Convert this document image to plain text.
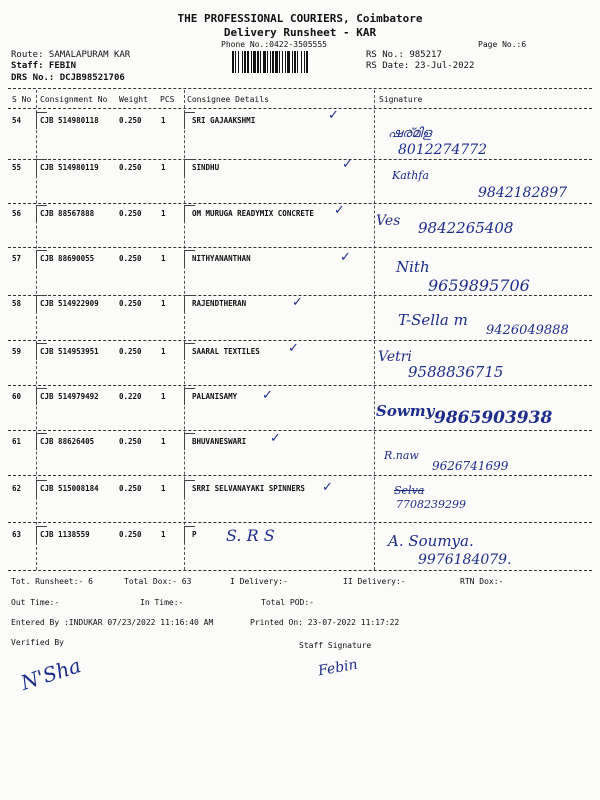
THE PROFESSIONAL COURIERS, Coimbatore
Delivery Runsheet - KAR
Phone No.:0422-3505555	Page No.:6
Route: SAMALAPURAM KAR
Staff: FEBIN
DRS No.: DCJB98521706
RS No.: 985217
RS Date: 23-Jul-2022
S No Consignment No Weight PCS Consignee Details	Signature
54	CJB 514980118	0.250	1	SRI GAJAAKSHMI	✓
ഷര്മിള
8012274772
55	CJB 514980119	0.250	1	SINDHU	✓
Kathfa
9842182897
56	CJB 88567888	0.250	1	OM MURUGA READYMIX CONCRETE ✓
Ves 9842265408
57	CJB 88690055	0.250	1	NITHYANANTHAN	✓
Nith
9659895706
58	CJB 514922909	0.250	1	RAJENDTHERAN	✓
T-Sella m
9426049888
59	CJB 514953951	0.250	1	SAARAL TEXTILES ✓
Vetri
9588836715
60	CJB 514979492	0.220	1	PALANISAMY ✓
Sowmy 9865903938
61	CJB 88626405	0.250	1	BHUVANESWARI ✓
R.naw
9626741699
62	CJB 515008184	0.250	1	SRRI SELVANAYAKI SPINNERS ✓	Selva
7708239299
63	CJB 1138559	0.250	1	P S. R S	A. Soumya.
9976184079.
Tot. Runsheet:- 6	Total Dox:- 63	I Delivery:-	II Delivery:-	RTN Dox:-
Out Time:-	In Time:-	Total POD:-
Entered By :INDUKAR 07/23/2022 11:16:40 AM	Printed On: 23-07-2022 11:17:22
Verified By	Staff Signature
N'Sha	Febin
